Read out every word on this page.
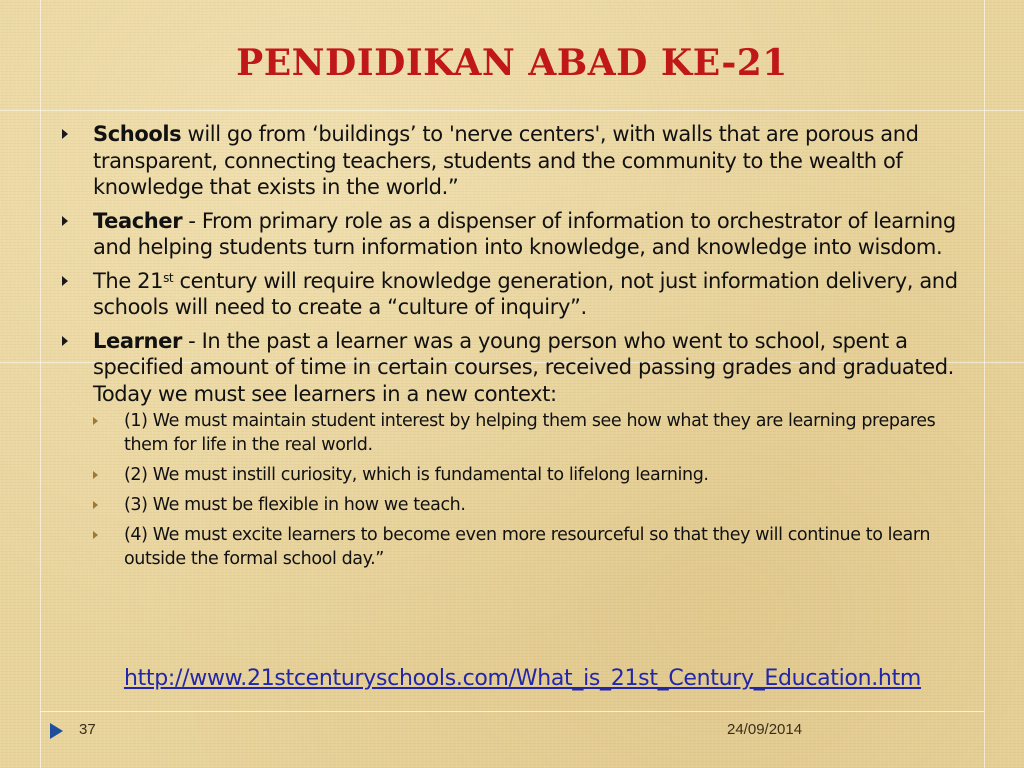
PENDIDIKAN ABAD KE-21
Schools will go from ‘buildings’ to 'nerve centers', with walls that are porous and transparent, connecting teachers, students and the community to the wealth of knowledge that exists in the world.”
Teacher - From primary role as a dispenser of information to orchestrator of learning and helping students turn information into knowledge, and knowledge into wisdom.
The 21st century will require knowledge generation, not just information delivery, and schools will need to create a “culture of inquiry”.
Learner - In the past a learner was a young person who went to school, spent a specified amount of time in certain courses, received passing grades and graduated. Today we must see learners in a new context:
(1) We must maintain student interest by helping them see how what they are learning prepares them for life in the real world.
(2) We must instill curiosity, which is fundamental to lifelong learning.
(3) We must be flexible in how we teach.
(4) We must excite learners to become even more resourceful so that they will continue to learn outside the formal school day.”
http://www.21stcenturyschools.com/What_is_21st_Century_Education.htm
37	24/09/2014
